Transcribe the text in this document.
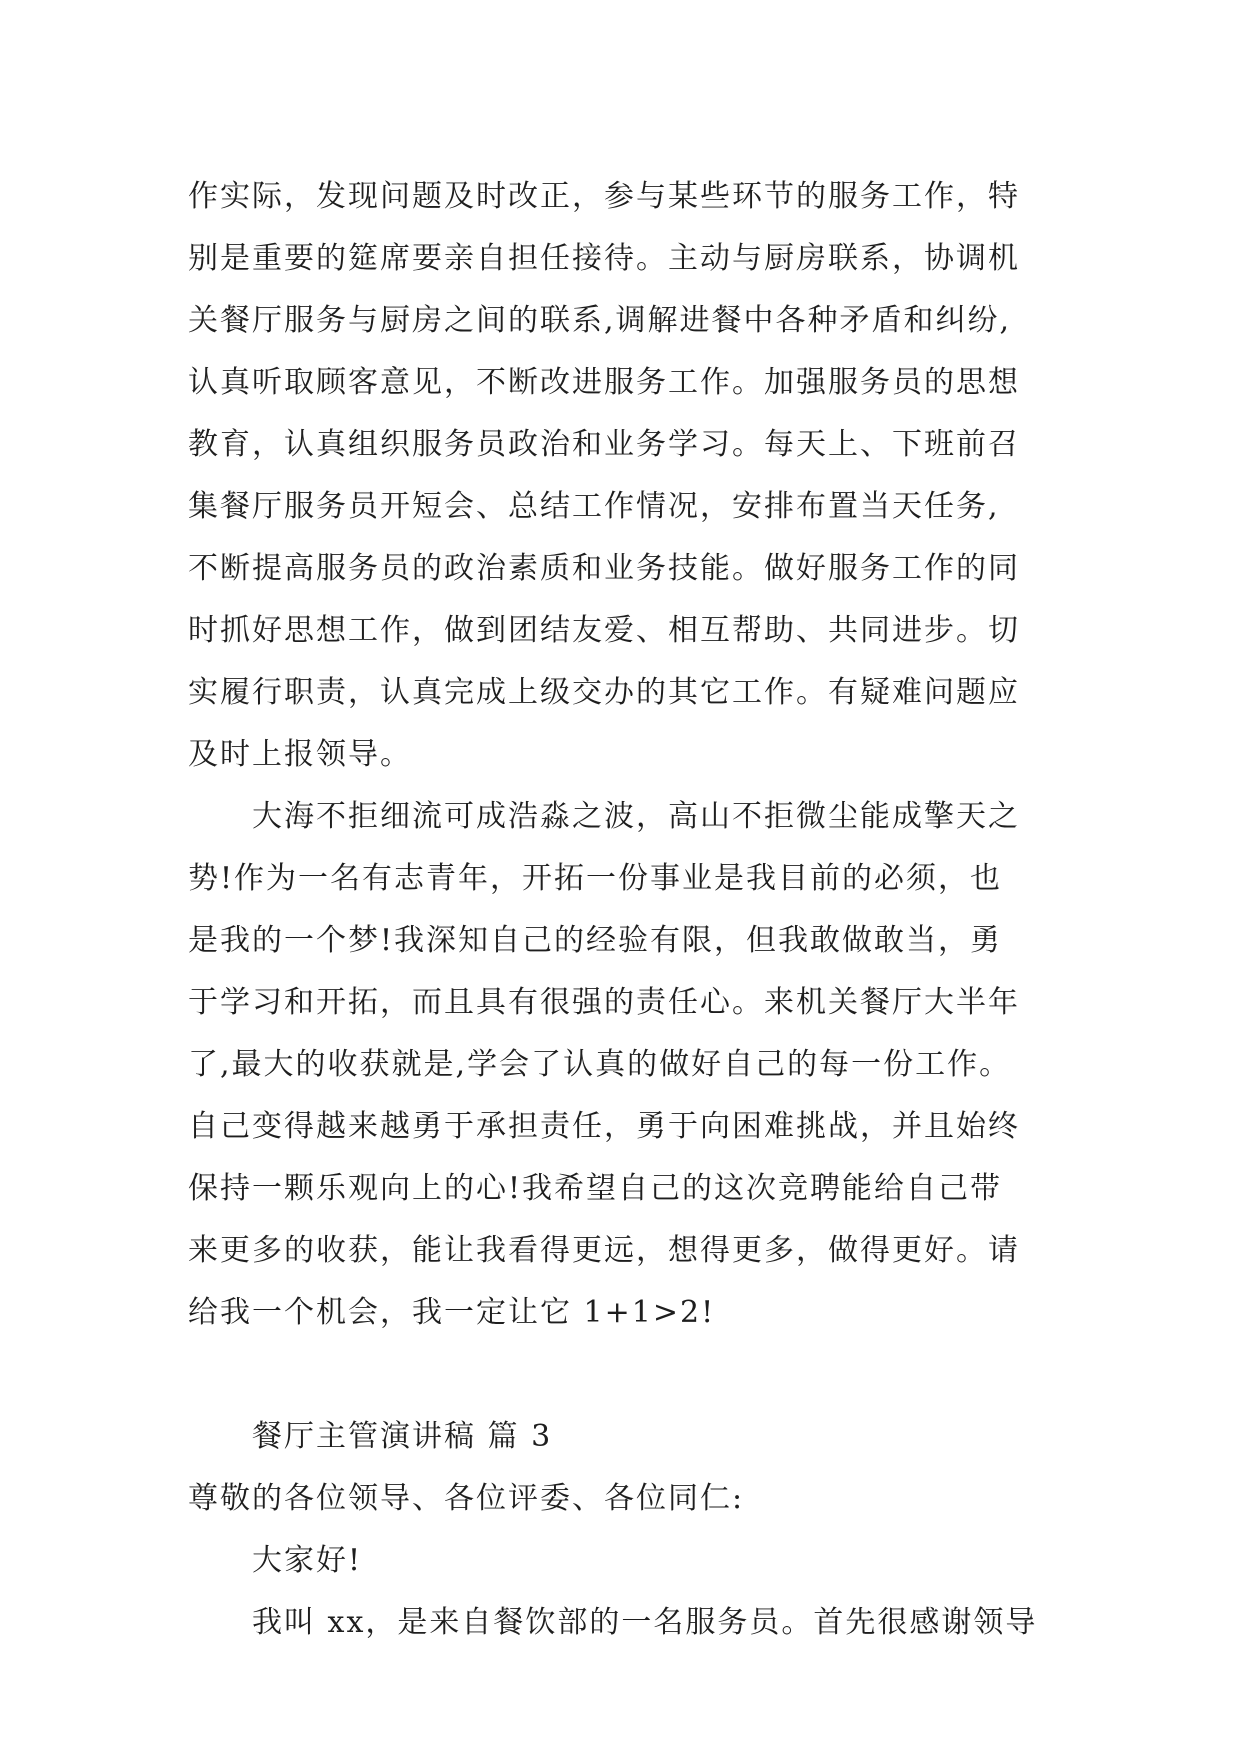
作实际，发现问题及时改正，参与某些环节的服务工作，特
别是重要的筵席要亲自担任接待。主动与厨房联系，协调机
关餐厅服务与厨房之间的联系,调解进餐中各种矛盾和纠纷,
认真听取顾客意见，不断改进服务工作。加强服务员的思想
教育，认真组织服务员政治和业务学习。每天上、下班前召
集餐厅服务员开短会、总结工作情况，安排布置当天任务,
不断提高服务员的政治素质和业务技能。做好服务工作的同
时抓好思想工作，做到团结友爱、相互帮助、共同进步。切
实履行职责，认真完成上级交办的其它工作。有疑难问题应
及时上报领导。
大海不拒细流可成浩淼之波，高山不拒微尘能成擎天之
势!作为一名有志青年，开拓一份事业是我目前的必须，也
是我的一个梦!我深知自己的经验有限，但我敢做敢当，勇
于学习和开拓，而且具有很强的责任心。来机关餐厅大半年
了,最大的收获就是,学会了认真的做好自己的每一份工作。
自己变得越来越勇于承担责任，勇于向困难挑战，并且始终
保持一颗乐观向上的心!我希望自己的这次竞聘能给自己带
来更多的收获，能让我看得更远，想得更多，做得更好。请
给我一个机会，我一定让它 1+1>2!
餐厅主管演讲稿 篇 3
尊敬的各位领导、各位评委、各位同仁:
大家好!
我叫 xx，是来自餐饮部的一名服务员。首先很感谢领导
